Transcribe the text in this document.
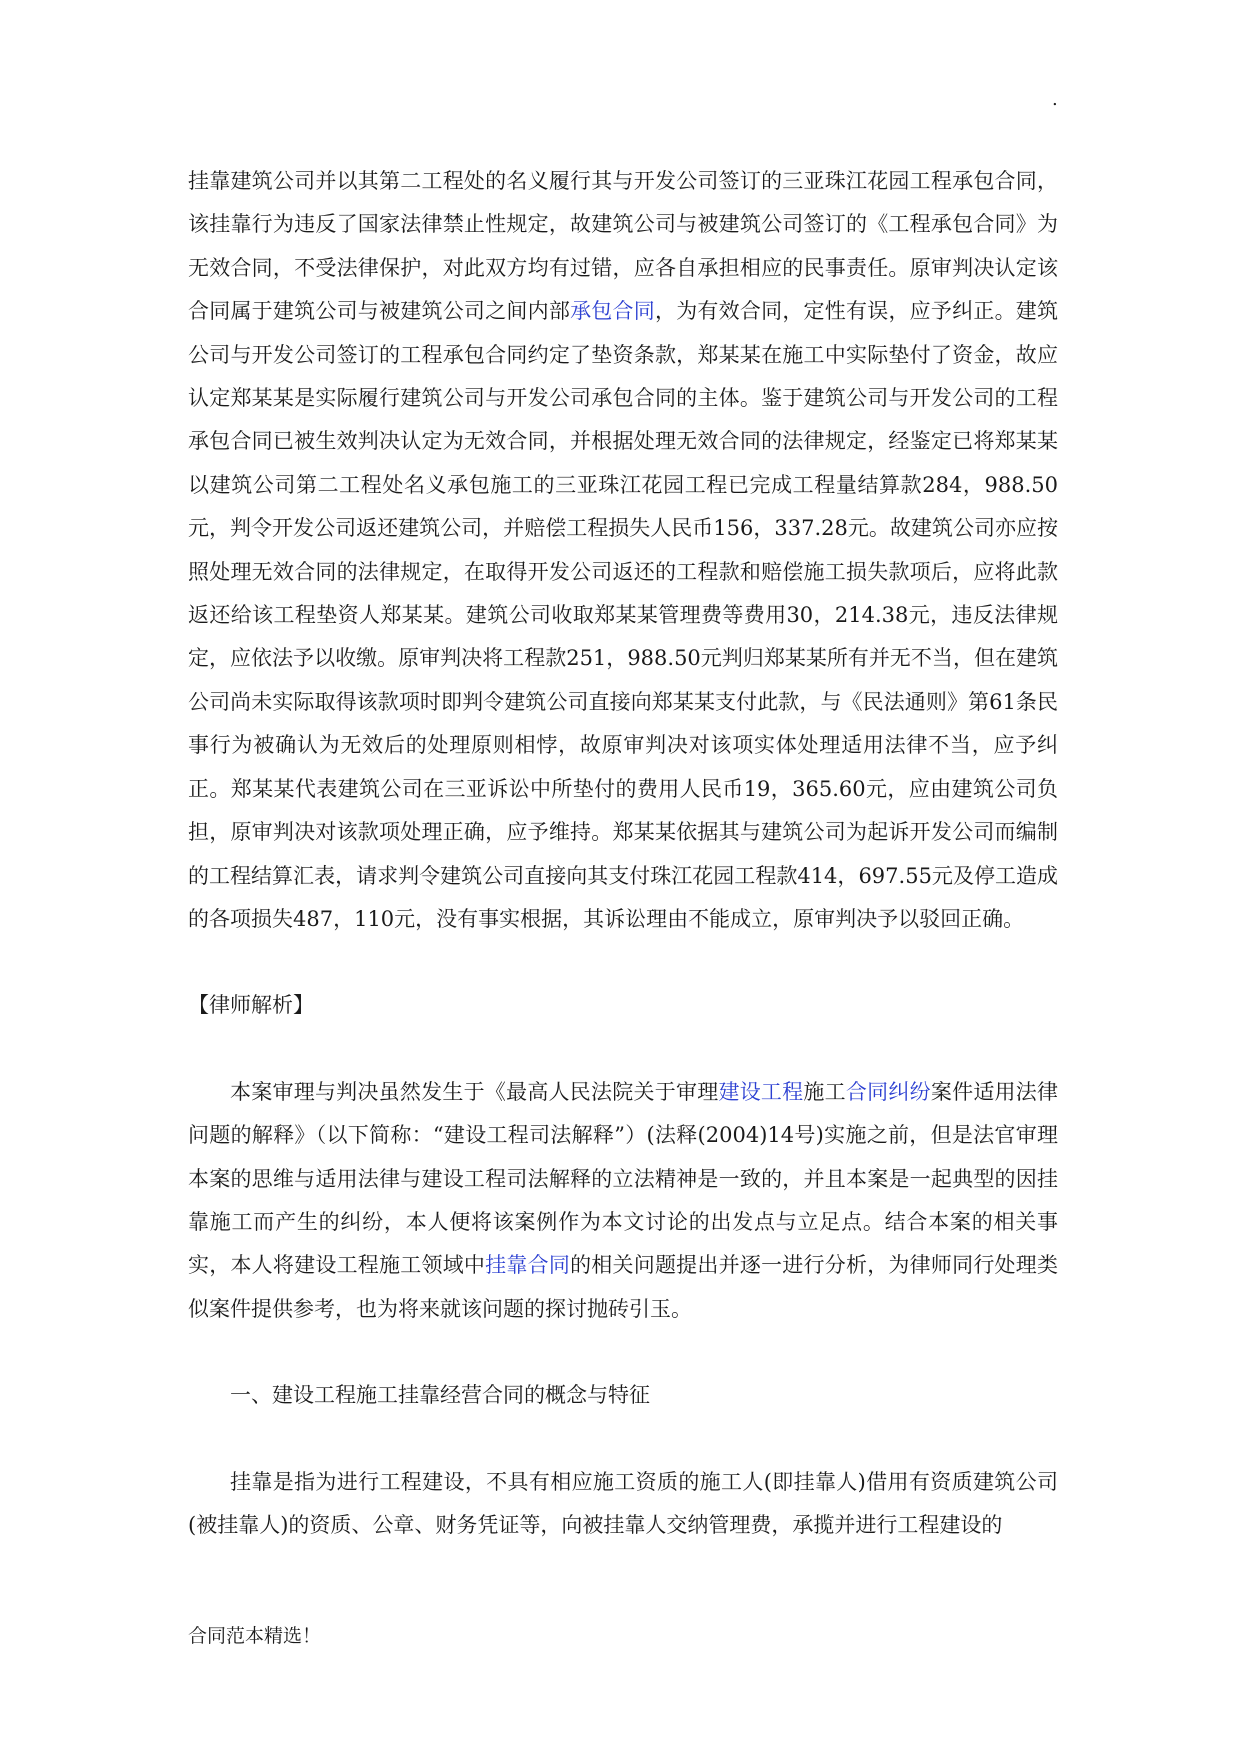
.

挂靠建筑公司并以其第二工程处的名义履行其与开发公司签订的三亚珠江花园工程承包合同，该挂靠行为违反了国家法律禁止性规定，故建筑公司与被建筑公司签订的《工程承包合同》为无效合同，不受法律保护，对此双方均有过错，应各自承担相应的民事责任。原审判决认定该合同属于建筑公司与被建筑公司之间内部承包合同，为有效合同，定性有误，应予纠正。建筑公司与开发公司签订的工程承包合同约定了垫资条款，郑某某在施工中实际垫付了资金，故应认定郑某某是实际履行建筑公司与开发公司承包合同的主体。鉴于建筑公司与开发公司的工程承包合同已被生效判决认定为无效合同，并根据处理无效合同的法律规定，经鉴定已将郑某某以建筑公司第二工程处名义承包施工的三亚珠江花园工程已完成工程量结算款284，988.50元，判令开发公司返还建筑公司，并赔偿工程损失人民币156，337.28元。故建筑公司亦应按照处理无效合同的法律规定，在取得开发公司返还的工程款和赔偿施工损失款项后，应将此款返还给该工程垫资人郑某某。建筑公司收取郑某某管理费等费用30，214.38元，违反法律规定，应依法予以收缴。原审判决将工程款251，988.50元判归郑某某所有并无不当，但在建筑公司尚未实际取得该款项时即判令建筑公司直接向郑某某支付此款，与《民法通则》第61条民事行为被确认为无效后的处理原则相悖，故原审判决对该项实体处理适用法律不当，应予纠正。郑某某代表建筑公司在三亚诉讼中所垫付的费用人民币19，365.60元，应由建筑公司负担，原审判决对该款项处理正确，应予维持。郑某某依据其与建筑公司为起诉开发公司而编制的工程结算汇表，请求判令建筑公司直接向其支付珠江花园工程款414，697.55元及停工造成的各项损失487，110元，没有事实根据，其诉讼理由不能成立，原审判决予以驳回正确。

【律师解析】

本案审理与判决虽然发生于《最高人民法院关于审理建设工程施工合同纠纷案件适用法律问题的解释》（以下简称：“建设工程司法解释”）(法释(2004)14号)实施之前，但是法官审理本案的思维与适用法律与建设工程司法解释的立法精神是一致的，并且本案是一起典型的因挂靠施工而产生的纠纷，本人便将该案例作为本文讨论的出发点与立足点。结合本案的相关事实，本人将建设工程施工领域中挂靠合同的相关问题提出并逐一进行分析，为律师同行处理类似案件提供参考，也为将来就该问题的探讨抛砖引玉。

一、建设工程施工挂靠经营合同的概念与特征

挂靠是指为进行工程建设，不具有相应施工资质的施工人(即挂靠人)借用有资质建筑公司(被挂靠人)的资质、公章、财务凭证等，向被挂靠人交纳管理费，承揽并进行工程建设的

合同范本精选！
